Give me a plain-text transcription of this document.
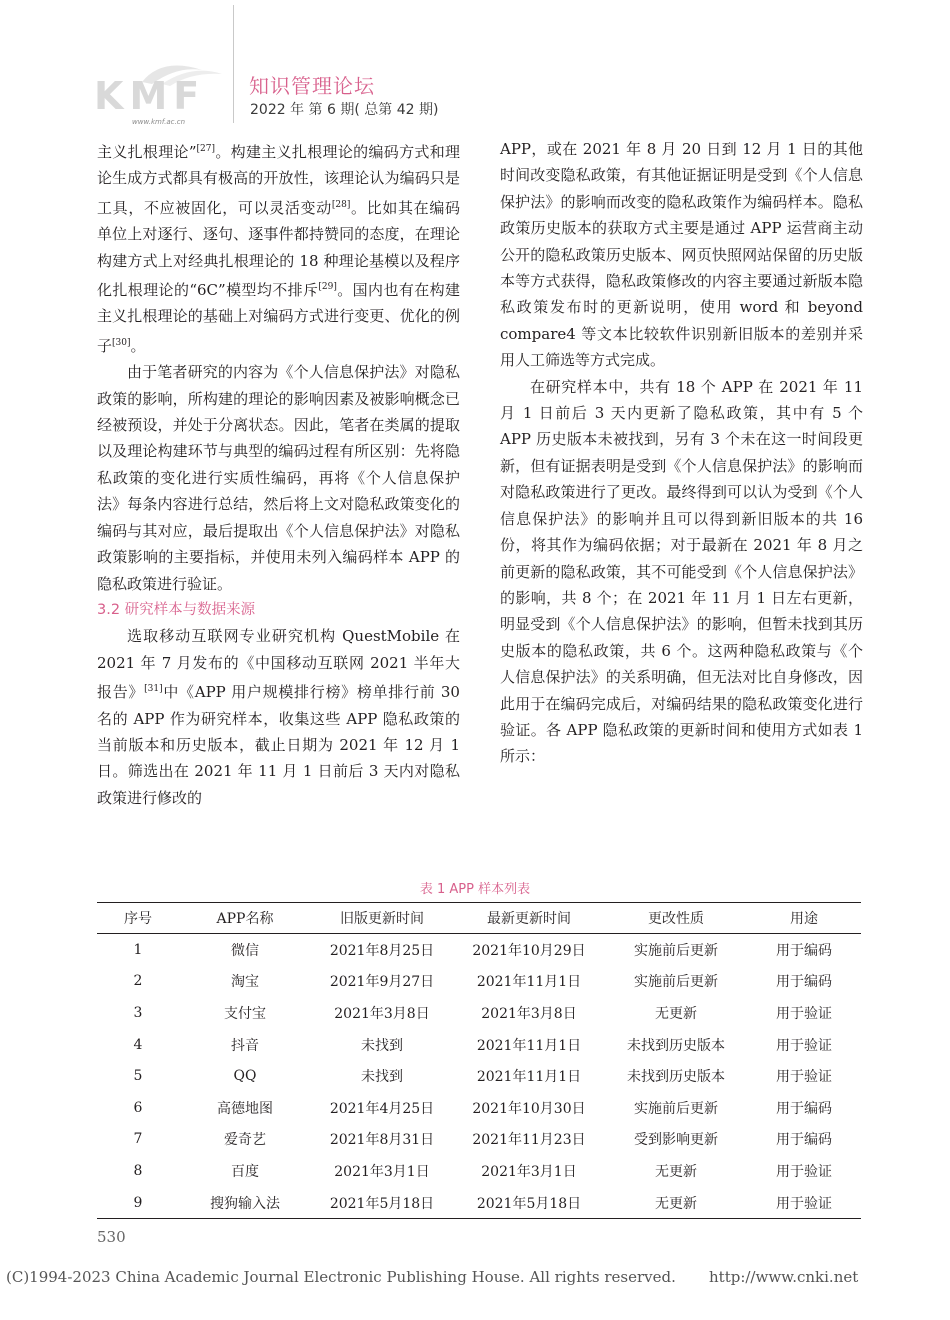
KMF
www.kmf.ac.cn
知识管理论坛
2022 年 第 6 期( 总第 42 期)

主义扎根理论”[27]。构建主义扎根理论的编码方式和理论生成方式都具有极高的开放性，该理论认为编码只是工具，不应被固化，可以灵活变动[28]。比如其在编码单位上对逐行、逐句、逐事件都持赞同的态度，在理论构建方式上对经典扎根理论的 18 种理论基模以及程序化扎根理论的“6C”模型均不排斥[29]。国内也有在构建主义扎根理论的基础上对编码方式进行变更、优化的例子[30]。

由于笔者研究的内容为《个人信息保护法》对隐私政策的影响，所构建的理论的影响因素及被影响概念已经被预设，并处于分离状态。因此，笔者在类属的提取以及理论构建环节与典型的编码过程有所区别：先将隐私政策的变化进行实质性编码，再将《个人信息保护法》每条内容进行总结，然后将上文对隐私政策变化的编码与其对应，最后提取出《个人信息保护法》对隐私政策影响的主要指标，并使用未列入编码样本 APP 的隐私政策进行验证。

3.2 研究样本与数据来源

选取移动互联网专业研究机构 QuestMobile 在 2021 年 7 月发布的《中国移动互联网 2021 半年大报告》[31]中《APP 用户规模排行榜》榜单排行前 30 名的 APP 作为研究样本，收集这些 APP 隐私政策的当前版本和历史版本，截止日期为 2021 年 12 月 1 日。筛选出在 2021 年 11 月 1 日前后 3 天内对隐私政策进行修改的

APP，或在 2021 年 8 月 20 日到 12 月 1 日的其他时间改变隐私政策，有其他证据证明是受到《个人信息保护法》的影响而改变的隐私政策作为编码样本。隐私政策历史版本的获取方式主要是通过 APP 运营商主动公开的隐私政策历史版本、网页快照网站保留的历史版本等方式获得，隐私政策修改的内容主要通过新版本隐私政策发布时的更新说明，使用 word 和 beyond compare4 等文本比较软件识别新旧版本的差别并采用人工筛选等方式完成。

在研究样本中，共有 18 个 APP 在 2021 年 11 月 1 日前后 3 天内更新了隐私政策，其中有 5 个 APP 历史版本未被找到，另有 3 个未在这一时间段更新，但有证据表明是受到《个人信息保护法》的影响而对隐私政策进行了更改。最终得到可以认为受到《个人信息保护法》的影响并且可以得到新旧版本的共 16 份，将其作为编码依据；对于最新在 2021 年 8 月之前更新的隐私政策，其不可能受到《个人信息保护法》的影响，共 8 个；在 2021 年 11 月 1 日左右更新，明显受到《个人信息保护法》的影响，但暂未找到其历史版本的隐私政策，共 6 个。这两种隐私政策与《个人信息保护法》的关系明确，但无法对比自身修改，因此用于在编码完成后，对编码结果的隐私政策变化进行验证。各 APP 隐私政策的更新时间和使用方式如表 1 所示：

表 1 APP 样本列表
序号	APP名称	旧版更新时间	最新更新时间	更改性质	用途
1	微信	2021年8月25日	2021年10月29日	实施前后更新	用于编码
2	淘宝	2021年9月27日	2021年11月1日	实施前后更新	用于编码
3	支付宝	2021年3月8日	2021年3月8日	无更新	用于验证
4	抖音	未找到	2021年11月1日	未找到历史版本	用于验证
5	QQ	未找到	2021年11月1日	未找到历史版本	用于验证
6	高德地图	2021年4月25日	2021年10月30日	实施前后更新	用于编码
7	爱奇艺	2021年8月31日	2021年11月23日	受到影响更新	用于编码
8	百度	2021年3月1日	2021年3月1日	无更新	用于验证
9	搜狗输入法	2021年5月18日	2021年5月18日	无更新	用于验证
530
(C)1994-2023 China Academic Journal Electronic Publishing House. All rights reserved. http://www.cnki.net
